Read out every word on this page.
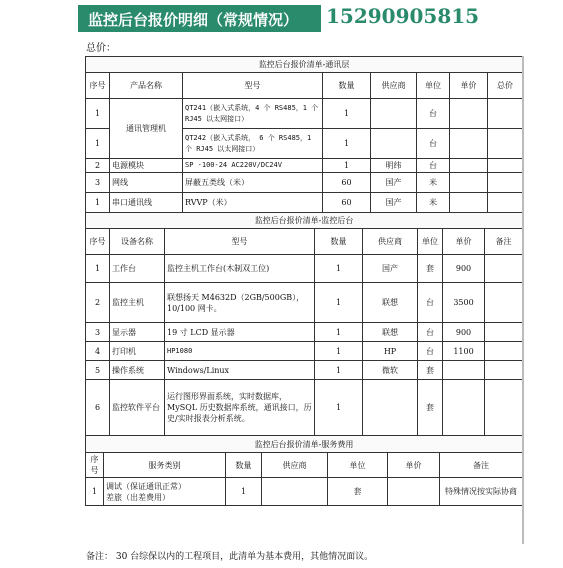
监控后台报价明细（常规情况） 15290905815
总价：
监控后台报价清单-通讯层							
序号	产品名称	型号	数量	供应商	单位	单价	总价
1	通讯管理机	QT241（嵌入式系统，4 个 RS485，1 个 RJ45 以太网接口）	1		台		
1		QT242（嵌入式系统， 6 个 RS485，1 个 RJ45 以太网接口）	1		台		
2	电源模块	SP -100-24 AC220V/DC24V	1	明纬	台		
3	网线	屏蔽五类线（米）	60	国产	米		
1	串口通讯线	RVVP（米）	60	国产	米		
监控后台报价清单-监控后台							
序号	设备名称	型号	数量	供应商	单位	单价	备注
1	工作台	监控主机工作台(木制双工位)	1	国产	套	900	
2	监控主机	联想扬天 M4632D（2GB/500GB），10/100 网卡。	1	联想	台	3500	
3	显示器	19 寸 LCD 显示器	1	联想	台	900	
4	打印机	HP1080	1	HP	台	1100	
5	操作系统	Windows/Linux	1	微软	套		
6	监控软件平台	运行图形界面系统，实时数据库，MySQL 历史数据库系统，通讯接口，历史/实时报表分析系统。	1		套		
监控后台报价清单-服务费用						
序号	服务类别	数量	供应商	单位	单价	备注
1	调试（保证通讯正常）
差旅（出差费用）	1		套		特殊情况按实际协商
备注： 30 台综保以内的工程项目，此清单为基本费用，其他情况面议。
